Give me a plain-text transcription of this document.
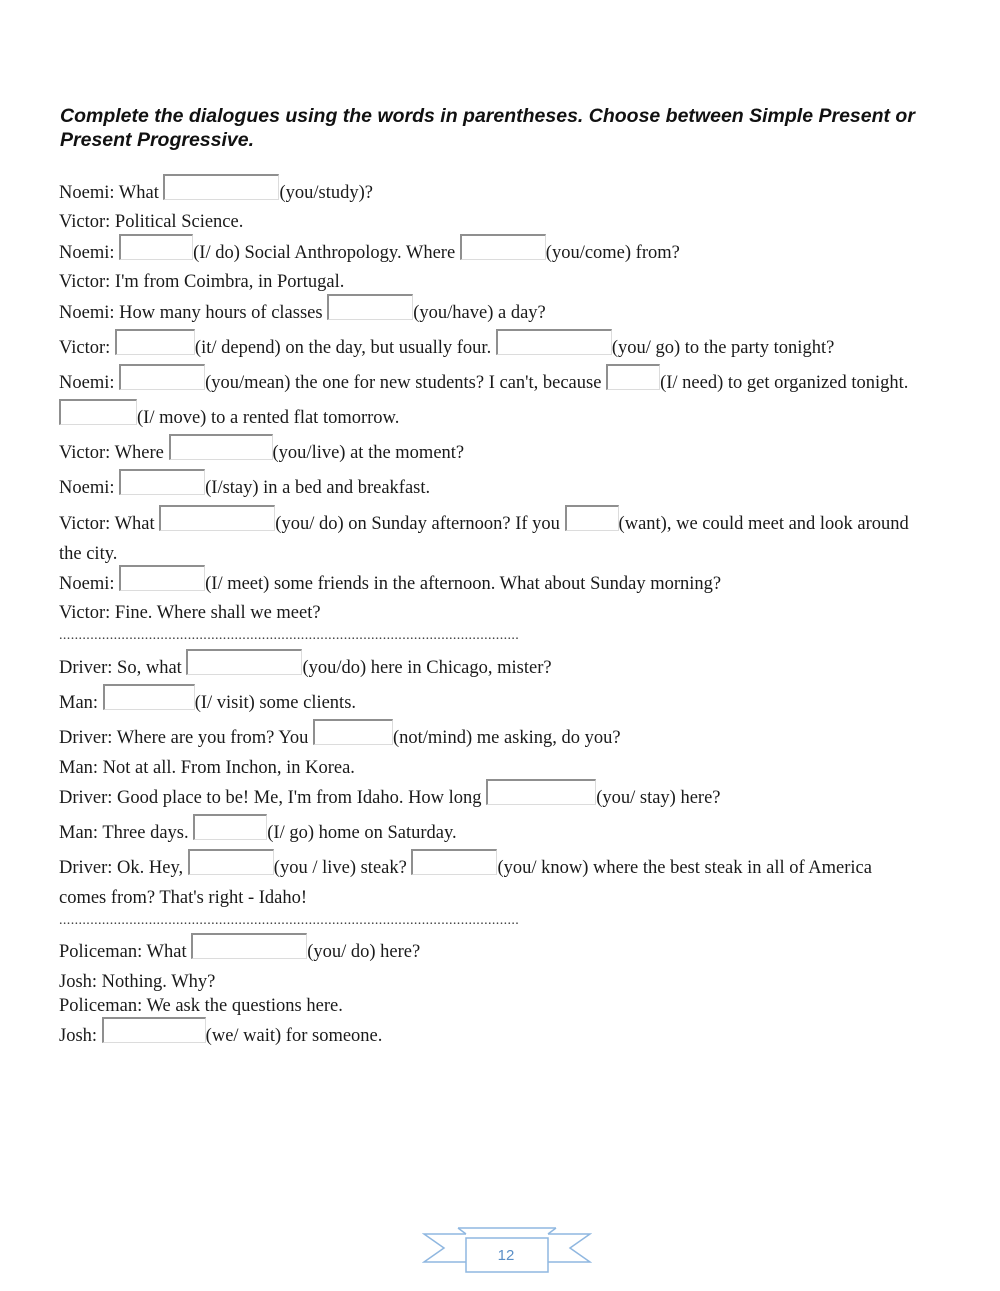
Complete the dialogues using the words in parentheses. Choose between Simple Present or Present Progressive.
Noemi: What	(you/study)?
Victor: Political Science.
Noemi:	(I/ do) Social Anthropology. Where	(you/come) from?
Victor: I'm from Coimbra, in Portugal.
Noemi: How many hours of classes	(you/have) a day?
Victor:	(it/ depend) on the day, but usually four.	(you/ go) to the party tonight?
Noemi:	(you/mean) the one for new students? I can't, because	(I/ need) to get organized tonight.
(I/ move) to a rented flat tomorrow.
Victor: Where	(you/live) at the moment?
Noemi:	(I/stay) in a bed and breakfast.
Victor: What	(you/ do) on Sunday afternoon? If you	(want), we could meet and look around
the city.
Noemi:	(I/ meet) some friends in the afternoon. What about Sunday morning?
Victor: Fine. Where shall we meet?
......................................................................................................................
Driver: So, what	(you/do) here in Chicago, mister?
Man:	(I/ visit) some clients.
Driver: Where are you from? You	(not/mind) me asking, do you?
Man: Not at all. From Inchon, in Korea.
Driver: Good place to be! Me, I'm from Idaho. How long	(you/ stay) here?
Man: Three days.	(I/ go) home on Saturday.
Driver: Ok. Hey,	(you / live) steak?	(you/ know) where the best steak in all of America
comes from? That's right - Idaho!
......................................................................................................................
Policeman: What	(you/ do) here?
Josh: Nothing. Why?
Policeman: We ask the questions here.
Josh:	(we/ wait) for someone.
12
